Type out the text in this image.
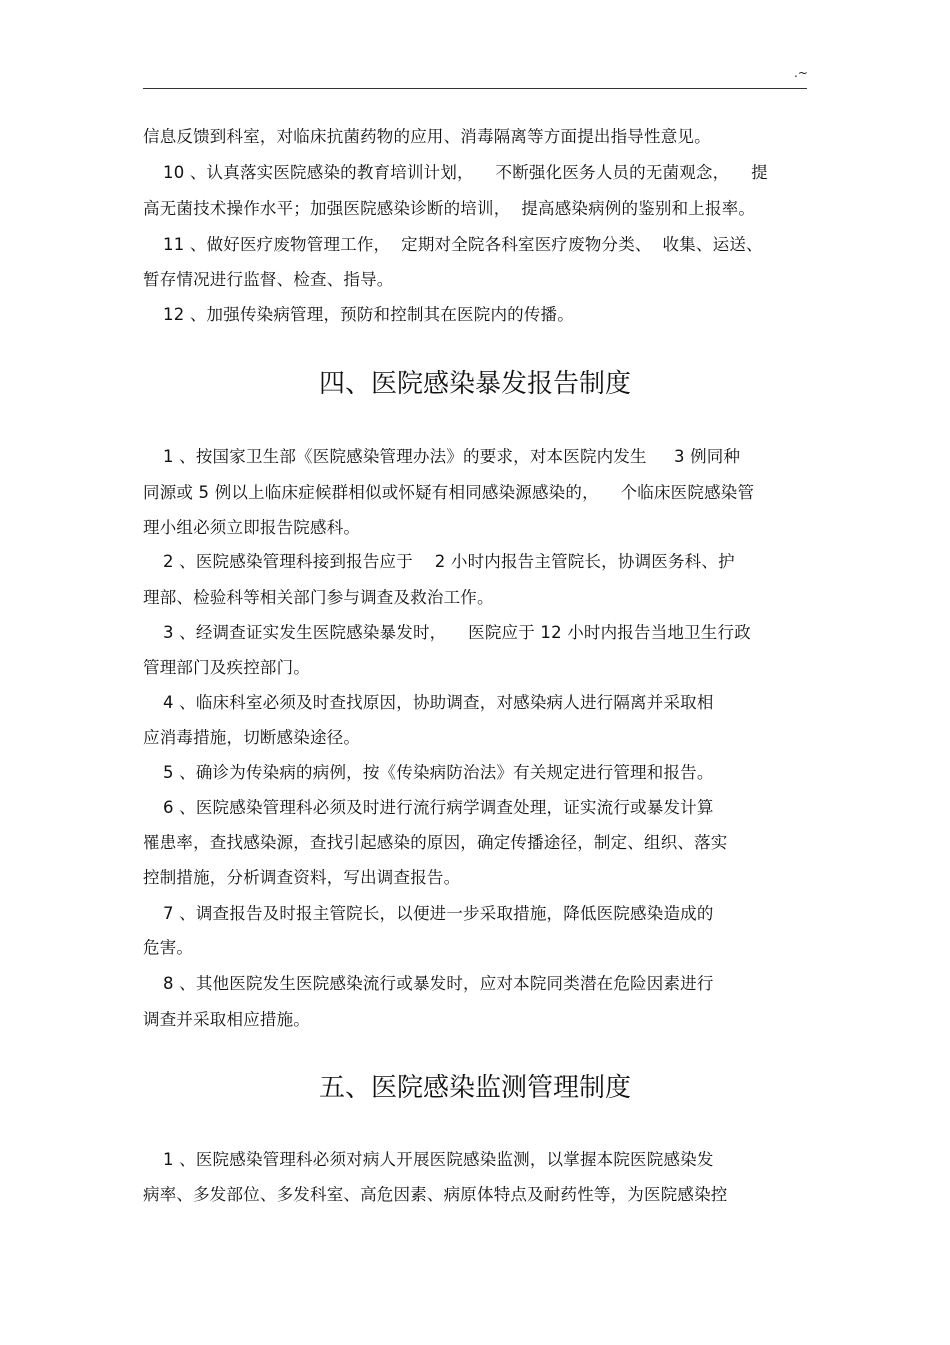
.~
信息反馈到科室，对临床抗菌药物的应用、消毒隔离等方面提出指导性意见。
10 、认真落实医院感染的教育培训计划，    不断强化医务人员的无菌观念，    提
高无菌技术操作水平；加强医院感染诊断的培训，  提高感染病例的鉴别和上报率。
11 、做好医疗废物管理工作，  定期对全院各科室医疗废物分类、  收集、运送、
暂存情况进行监督、检查、指导。
12 、加强传染病管理，预防和控制其在医院内的传播。
四、医院感染暴发报告制度
1 、按国家卫生部《医院感染管理办法》的要求，对本医院内发生     3 例同种
同源或 5 例以上临床症候群相似或怀疑有相同感染源感染的，    个临床医院感染管
理小组必须立即报告院感科。
2 、医院感染管理科接到报告应于    2 小时内报告主管院长，协调医务科、护
理部、检验科等相关部门参与调查及救治工作。
3 、经调查证实发生医院感染暴发时，    医院应于 12 小时内报告当地卫生行政
管理部门及疾控部门。
4 、临床科室必须及时查找原因，协助调查，对感染病人进行隔离并采取相
应消毒措施，切断感染途径。
5 、确诊为传染病的病例，按《传染病防治法》有关规定进行管理和报告。
6 、医院感染管理科必须及时进行流行病学调查处理，证实流行或暴发计算
罹患率，查找感染源，查找引起感染的原因，确定传播途径，制定、组织、落实
控制措施，分析调查资料，写出调查报告。
7 、调查报告及时报主管院长，以便进一步采取措施，降低医院感染造成的
危害。
8 、其他医院发生医院感染流行或暴发时，应对本院同类潜在危险因素进行
调查并采取相应措施。
五、医院感染监测管理制度
1 、医院感染管理科必须对病人开展医院感染监测，以掌握本院医院感染发
病率、多发部位、多发科室、高危因素、病原体特点及耐药性等，为医院感染控
